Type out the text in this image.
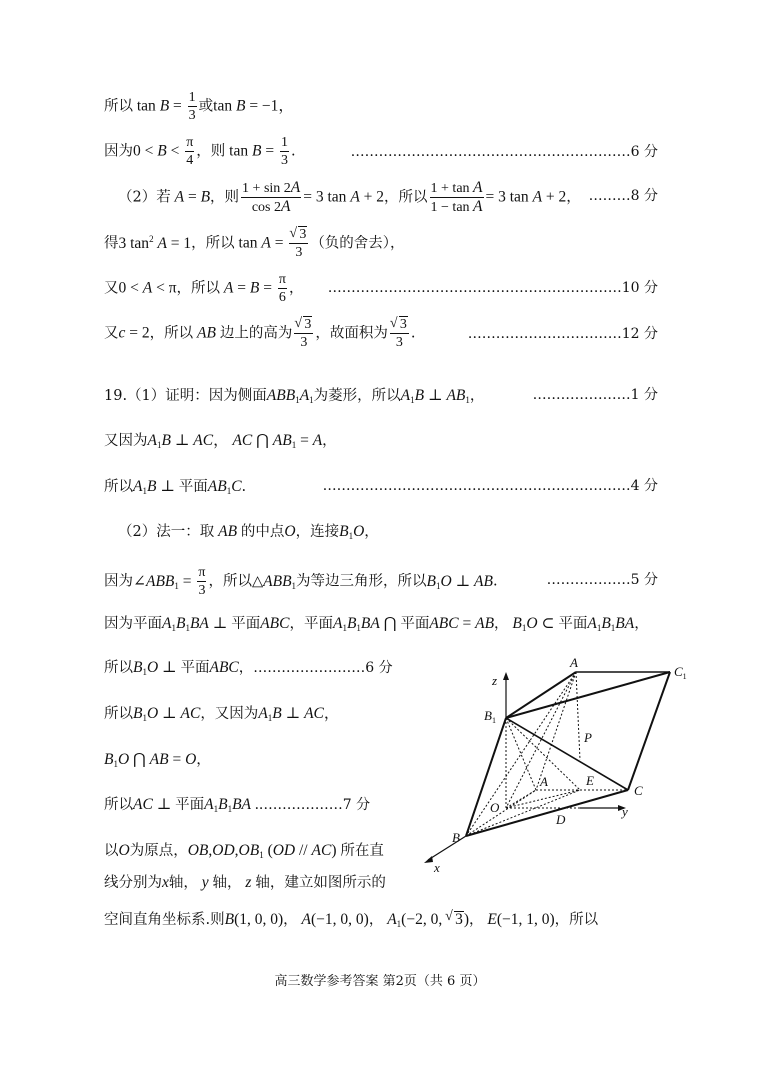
所以 $\tan B = \frac{1}{3}$ 或tan B = −1，
因为$0 < B < \frac{\pi}{4}$ ，则 $\tan B = \frac{1}{3}$ .	……………………………………………………6 分
（2）若 A = B，则 $\frac{1 + \sin 2A}{\cos 2A} = 3$ tan A + 2，所以 $\frac{\text{1 + tan A}}{\text{1 − tan A}} = 3$ tan A + 2， ………8 分
得3 $\tan^2 A = 1$，所以 tan A = √ $\frac{3}{3}$ （负的舍去），
又0 < A < π，所以 $A = B = \frac{\pi}{6}$ ， ………………………………………………………10 分
又c = 2，所以 AB 边上的高为 √ $\frac{3}{3}$ ，故面积为 √ $\frac{3}{3}$ .	……………………………12 分
19.（1）证明：因为侧面$ABB_1A_1$为菱形，所以$A_1B$ ⊥ $AB_1$，	…………………1 分
又因为$A_1B$ ⊥ AC， AC ⋂ $AB_1 = A$，
所以$A_1B$ ⊥ 平面$AB_1C$.	…………………………………………………………4 分
（2）法一：取 AB 的中点O，连接$B_1O$，
因为$\angle ABB_1 = \frac{\pi}{3}$ ，所以$\triangle ABB_1$为等边三角形，所以$B_1O$ ⊥ AB.	………………5 分
因为平面$A_1B_1BA$ ⊥ 平面ABC，平面$A_1B_1BA$ ⋂ 平面ABC = AB， $B_1O$ ⊂ 平面$A_1B_1BA$，
所以$B_1O$ ⊥ 平面ABC，……………………6 分
所以$B_1O$ ⊥ AC，又因为$A_1B$ ⊥ AC，
$B_1O$ ⋂ AB = O，
所以AC ⊥ 平面$A_1B_1BA$ .………………7 分
以O为原点，$OB,OD,OB_1$ (OD // AC) 所在直
线分别为x轴， y 轴， z 轴，建立如图所示的
空间直角坐标系.则B(1, 0, 0)， A(−1, 0, 0)， $A_1(-2$, 0, √ 3)， E(−1, 1, 0)，所以
A
$C_1$
z
$B_1$
P
A	E
C
O	y
D
B
x
高三数学参考答案 第2页（共 6 页）
